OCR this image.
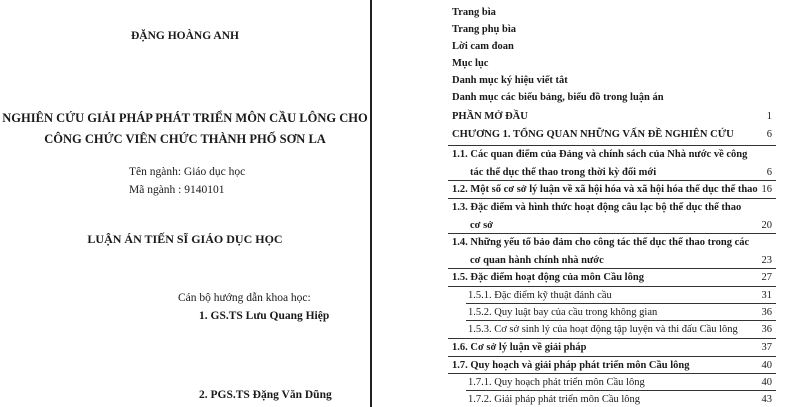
ĐẶNG HOÀNG ANH
NGHIÊN CỨU GIẢI PHÁP PHÁT TRIỂN MÔN CẦU LÔNG CHO
CÔNG CHỨC VIÊN CHỨC THÀNH PHỐ SƠN LA
Tên ngành: Giáo dục học
Mã ngành : 9140101
LUẬN ÁN TIẾN SĨ GIÁO DỤC HỌC
Cán bộ hướng dẫn khoa học:
1. GS.TS Lưu Quang Hiệp
2. PGS.TS Đặng Văn Dũng
Trang bìa
Trang phụ bìa
Lời cam đoan
Mục lục
Danh mục ký hiệu viết tắt
Danh mục các biểu bảng, biểu đồ trong luận án
PHẦN MỞ ĐẦU	1
CHƯƠNG 1. TỔNG QUAN NHỮNG VẤN ĐỀ NGHIÊN CỨU	6
1.1. Các quan điểm của Đảng và chính sách của Nhà nước về công
tác thể dục thể thao trong thời kỳ đổi mới	6
1.2. Một số cơ sở lý luận về xã hội hóa và xã hội hóa thể dục thể thao 16
1.3. Đặc điểm và hình thức hoạt động câu lạc bộ thể dục thể thao
cơ sở	20
1.4. Những yếu tố bảo đảm cho công tác thể dục thể thao trong các
cơ quan hành chính nhà nước	23
1.5. Đặc điểm hoạt động của môn Cầu lông	27
1.5.1. Đặc điểm kỹ thuật đánh cầu	31
1.5.2. Quy luật bay của cầu trong không gian	36
1.5.3. Cơ sở sinh lý của hoạt động tập luyện và thi đấu Cầu lông 36
1.6. Cơ sở lý luận về giải pháp	37
1.7. Quy hoạch và giải pháp phát triển môn Cầu lông	40
1.7.1. Quy hoạch phát triển môn Cầu lông	40
1.7.2. Giải pháp phát triển môn Cầu lông	43
